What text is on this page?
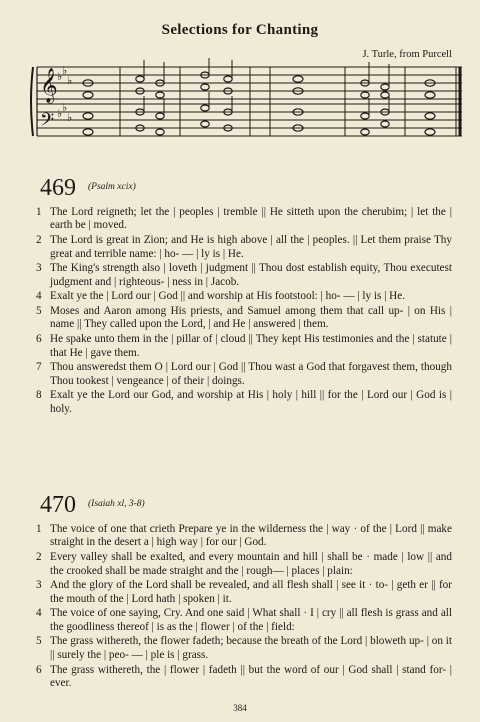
Selections for Chanting
J. Turle, from Purcell
𝄞
𝄢
♭ ♭
♭
♭ ♭
♭
469 $^{(Psalm xcix)}$
1 The Lord reigneth; let the | peoples | tremble || He sitteth upon the cherubim; | let the | earth be | moved.
2 The Lord is great in Zion; and He is high above | all the | peoples. || Let them praise Thy great and terrible name: | ho- — | ly is | He.
3 The King's strength also | loveth | judgment || Thou dost establish equity, Thou executest judgment and | righteous- | ness in | Jacob.
4 Exalt ye the | Lord our | God || and worship at His footstool: | ho- — | ly is | He.
5 Moses and Aaron among His priests, and Samuel among them that call up- | on His | name || They called upon the Lord, | and He | answered | them.
6 He spake unto them in the | pillar of | cloud || They kept His testimonies and the | statute | that He | gave them.
7 Thou answeredst them O | Lord our | God || Thou wast a God that forgavest them, though Thou tookest | vengeance | of their | doings.
8 Exalt ye the Lord our God, and worship at His | holy | hill || for the | Lord our | God is | holy.
470 $^{(Isaiah xl, 3-8)}$
1 The voice of one that crieth Prepare ye in the wilderness the | way · of the | Lord || make straight in the desert a | high way | for our | God.
2 Every valley shall be exalted, and every mountain and hill | shall be · made | low || and the crooked shall be made straight and the | rough— | places | plain:
3 And the glory of the Lord shall be revealed, and all flesh shall | see it · to- | geth er || for the mouth of the | Lord hath | spoken | it.
4 The voice of one saying, Cry. And one said | What shall · I | cry || all flesh is grass and all the goodliness thereof | is as the | flower | of the | field:
5 The grass withereth, the flower fadeth; because the breath of the Lord | bloweth up- | on it || surely the | peo- — | ple is | grass.
6 The grass withereth, the | flower | fadeth || but the word of our | God shall | stand for- | ever.
384
